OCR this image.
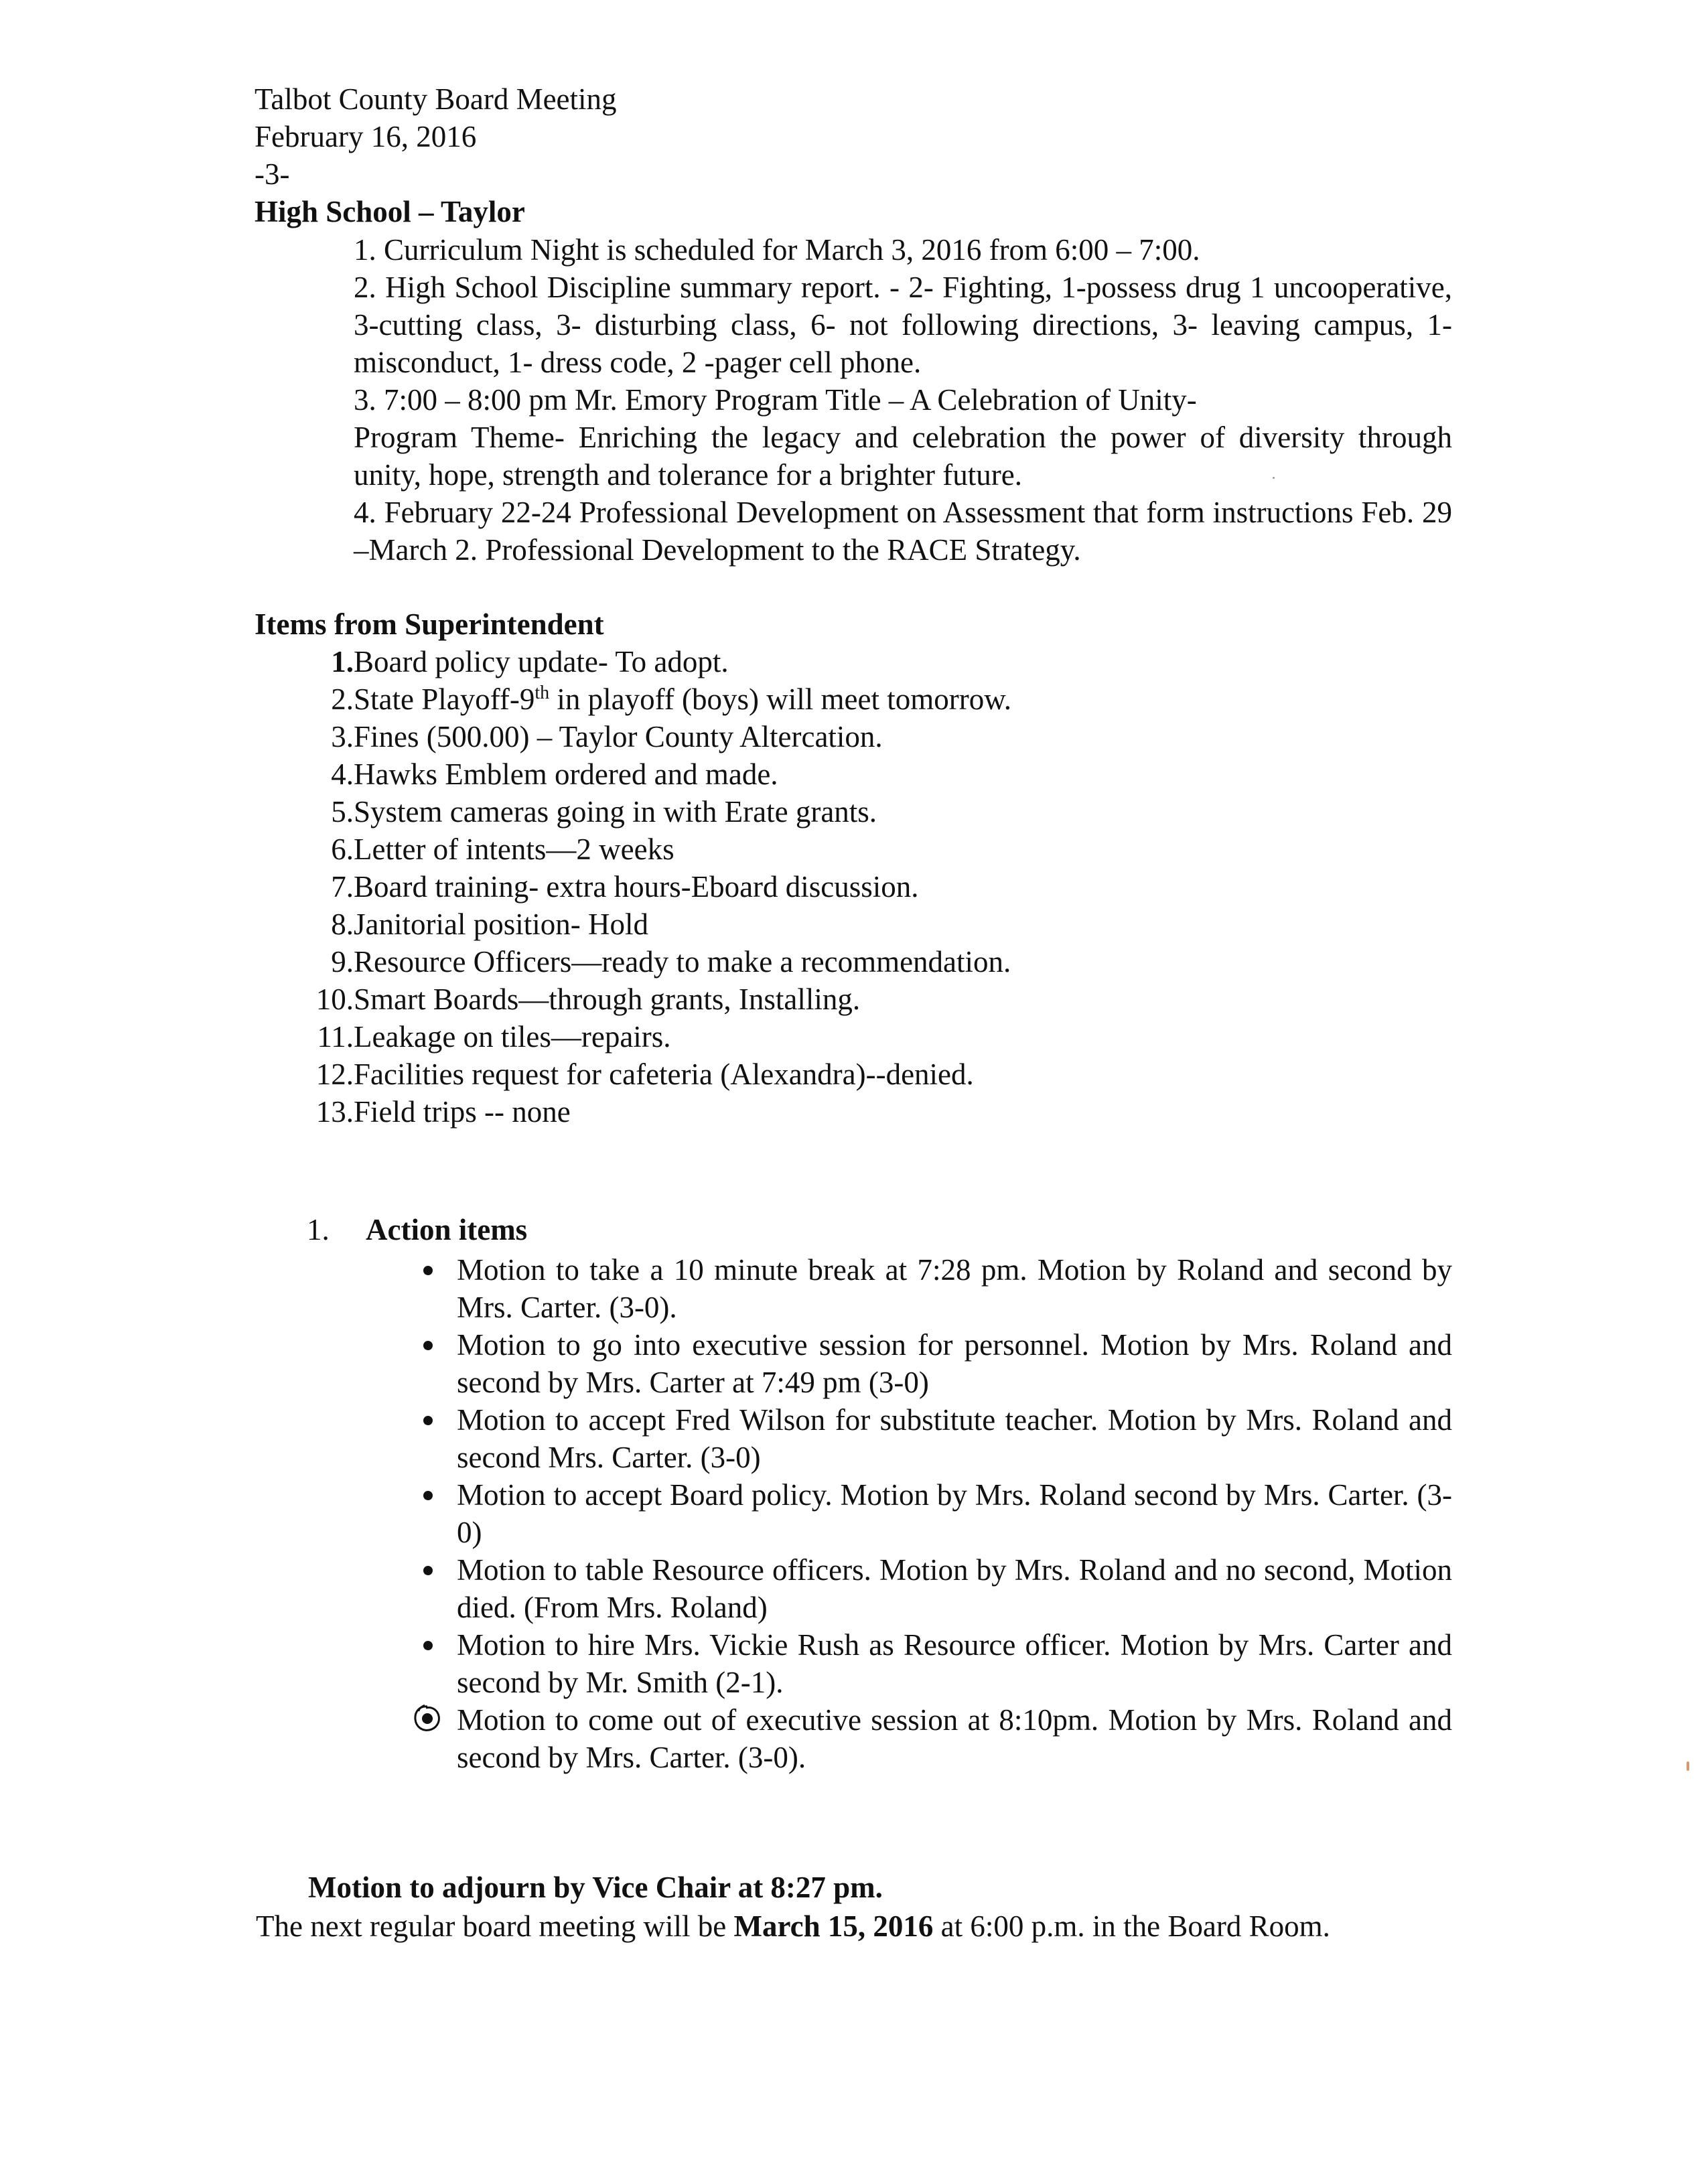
Talbot County Board Meeting
February 16, 2016
-3-
High School – Taylor
1. Curriculum Night is scheduled for March 3, 2016 from 6:00 – 7:00.
2. High School Discipline summary report. - 2- Fighting, 1-possess drug 1 uncooperative, 3-cutting class, 3- disturbing class, 6- not following directions, 3- leaving campus, 1- misconduct, 1- dress code, 2 -pager cell phone.
3. 7:00 – 8:00 pm Mr. Emory Program Title – A Celebration of Unity-
Program Theme- Enriching the legacy and celebration the power of diversity through unity, hope, strength and tolerance for a brighter future.
4. February 22-24 Professional Development on Assessment that form instructions Feb. 29 –March 2. Professional Development to the RACE Strategy.
Items from Superintendent
1. Board policy update- To adopt.
2. State Playoff-9th in playoff (boys) will meet tomorrow.
3. Fines (500.00) – Taylor County Altercation.
4. Hawks Emblem ordered and made.
5. System cameras going in with Erate grants.
6. Letter of intents—2 weeks
7. Board training- extra hours-Eboard discussion.
8. Janitorial position- Hold
9. Resource Officers—ready to make a recommendation.
10. Smart Boards—through grants, Installing.
11. Leakage on tiles—repairs.
12. Facilities request for cafeteria (Alexandra)--denied.
13. Field trips -- none
1.	Action items
Motion to take a 10 minute break at 7:28 pm. Motion by Roland and second by Mrs. Carter. (3-0).
Motion to go into executive session for personnel. Motion by Mrs. Roland and second by Mrs. Carter at 7:49 pm (3-0)
Motion to accept Fred Wilson for substitute teacher. Motion by Mrs. Roland and second Mrs. Carter. (3-0)
Motion to accept Board policy. Motion by Mrs. Roland second by Mrs. Carter. (3-0)
Motion to table Resource officers. Motion by Mrs. Roland and no second, Motion died. (From Mrs. Roland)
Motion to hire Mrs. Vickie Rush as Resource officer. Motion by Mrs. Carter and second by Mr. Smith (2-1).
Motion to come out of executive session at 8:10pm. Motion by Mrs. Roland and second by Mrs. Carter. (3-0).
Motion to adjourn by Vice Chair at 8:27 pm.
The next regular board meeting will be March 15, 2016 at 6:00 p.m. in the Board Room.
